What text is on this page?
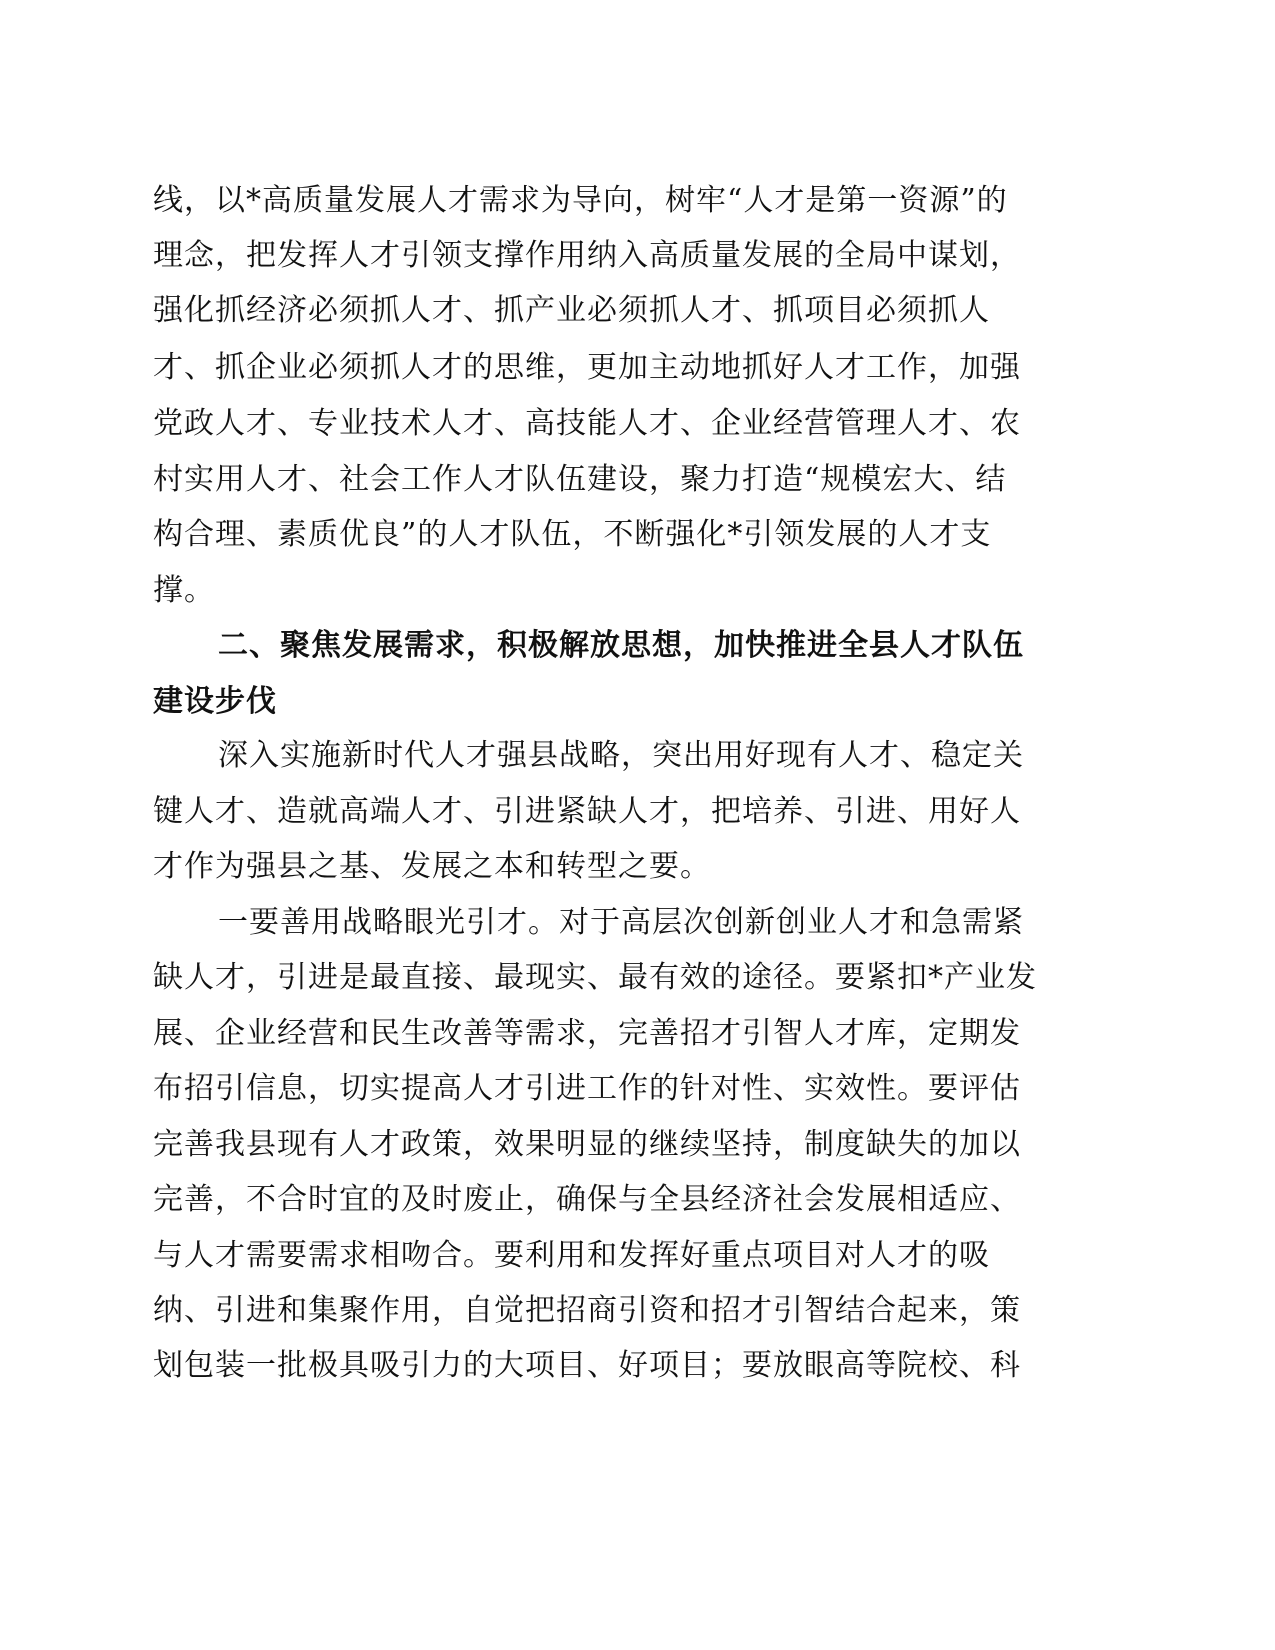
线，以*高质量发展人才需求为导向，树牢“人才是第一资源”的
理念，把发挥人才引领支撑作用纳入高质量发展的全局中谋划，
强化抓经济必须抓人才、抓产业必须抓人才、抓项目必须抓人
才、抓企业必须抓人才的思维，更加主动地抓好人才工作，加强
党政人才、专业技术人才、高技能人才、企业经营管理人才、农
村实用人才、社会工作人才队伍建设，聚力打造“规模宏大、结
构合理、素质优良”的人才队伍，不断强化*引领发展的人才支
撑。
二、聚焦发展需求，积极解放思想，加快推进全县人才队伍
建设步伐
深入实施新时代人才强县战略，突出用好现有人才、稳定关
键人才、造就高端人才、引进紧缺人才，把培养、引进、用好人
才作为强县之基、发展之本和转型之要。
一要善用战略眼光引才。对于高层次创新创业人才和急需紧
缺人才，引进是最直接、最现实、最有效的途径。要紧扣*产业发
展、企业经营和民生改善等需求，完善招才引智人才库，定期发
布招引信息，切实提高人才引进工作的针对性、实效性。要评估
完善我县现有人才政策，效果明显的继续坚持，制度缺失的加以
完善，不合时宜的及时废止，确保与全县经济社会发展相适应、
与人才需要需求相吻合。要利用和发挥好重点项目对人才的吸
纳、引进和集聚作用，自觉把招商引资和招才引智结合起来，策
划包装一批极具吸引力的大项目、好项目；要放眼高等院校、科
